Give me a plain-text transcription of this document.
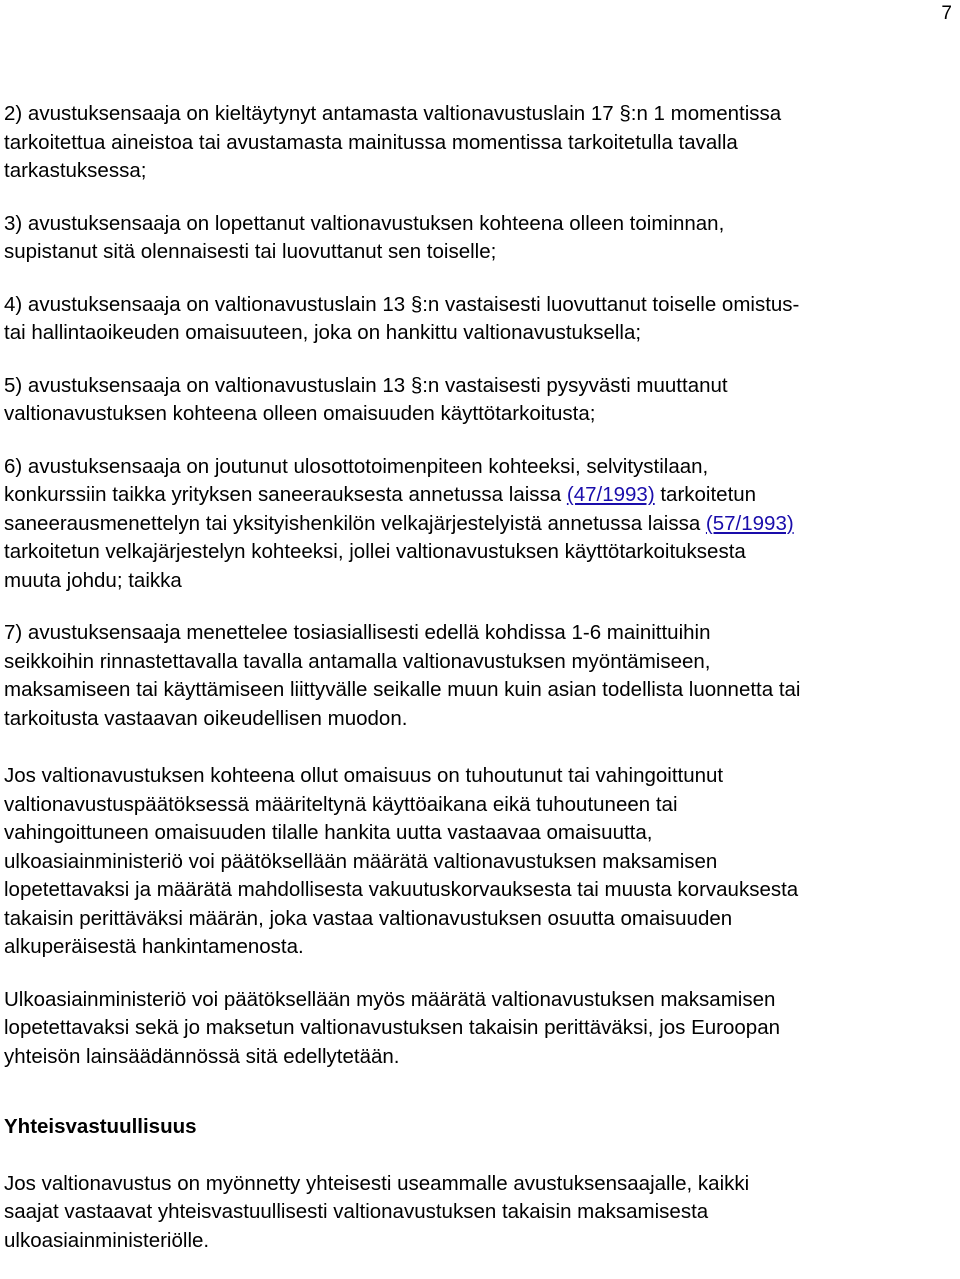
7

2) avustuksensaaja on kieltäytynyt antamasta valtionavustuslain 17 §:n 1 momentissa
tarkoitettua aineistoa tai avustamasta mainitussa momentissa tarkoitetulla tavalla
tarkastuksessa;

3) avustuksensaaja on lopettanut valtionavustuksen kohteena olleen toiminnan,
supistanut sitä olennaisesti tai luovuttanut sen toiselle;

4) avustuksensaaja on valtionavustuslain 13 §:n vastaisesti luovuttanut toiselle omistus-
tai hallintaoikeuden omaisuuteen, joka on hankittu valtionavustuksella;

5) avustuksensaaja on valtionavustuslain 13 §:n vastaisesti pysyvästi muuttanut
valtionavustuksen kohteena olleen omaisuuden käyttötarkoitusta;

6) avustuksensaaja on joutunut ulosottotoimenpiteen kohteeksi, selvitystilaan,
konkurssiin taikka yrityksen saneerauksesta annetussa laissa (47/1993) tarkoitetun
saneerausmenettelyn tai yksityishenkilön velkajärjestelyistä annetussa laissa (57/1993)
tarkoitetun velkajärjestelyn kohteeksi, jollei valtionavustuksen käyttötarkoituksesta
muuta johdu; taikka

7) avustuksensaaja menettelee tosiasiallisesti edellä kohdissa 1-6 mainittuihin
seikkoihin rinnastettavalla tavalla antamalla valtionavustuksen myöntämiseen,
maksamiseen tai käyttämiseen liittyvälle seikalle muun kuin asian todellista luonnetta tai
tarkoitusta vastaavan oikeudellisen muodon.

Jos valtionavustuksen kohteena ollut omaisuus on tuhoutunut tai vahingoittunut
valtionavustuspäätöksessä määriteltynä käyttöaikana eikä tuhoutuneen tai
vahingoittuneen omaisuuden tilalle hankita uutta vastaavaa omaisuutta,
ulkoasiainministeriö voi päätöksellään määrätä valtionavustuksen maksamisen
lopetettavaksi ja määrätä mahdollisesta vakuutuskorvauksesta tai muusta korvauksesta
takaisin perittäväksi määrän, joka vastaa valtionavustuksen osuutta omaisuuden
alkuperäisestä hankintamenosta.

Ulkoasiainministeriö voi päätöksellään myös määrätä valtionavustuksen maksamisen
lopetettavaksi sekä jo maksetun valtionavustuksen takaisin perittäväksi, jos Euroopan
yhteisön lainsäädännössä sitä edellytetään.

Yhteisvastuullisuus

Jos valtionavustus on myönnetty yhteisesti useammalle avustuksensaajalle, kaikki
saajat vastaavat yhteisvastuullisesti valtionavustuksen takaisin maksamisesta
ulkoasiainministeriölle.
